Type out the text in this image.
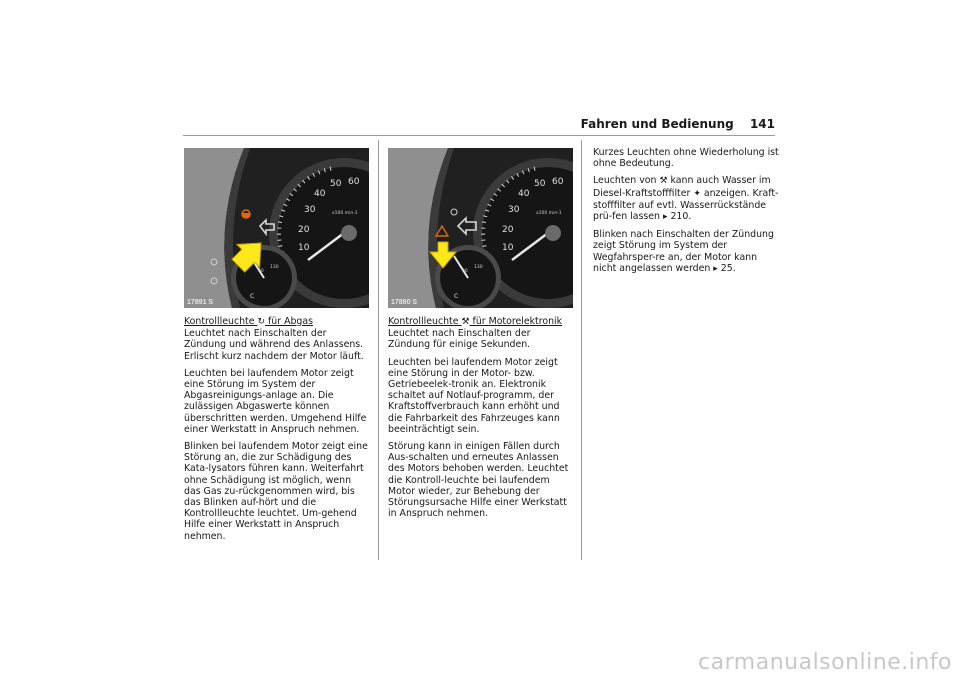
Fahren und Bedienung 141
10
20
30
40
50 60
x100 min-1
C
90
130
17891 S
10
20
30
40
50 60
x100 min-1
C
90
130
17880 S
Kontrollleuchte ↻ für Abgas

Leuchtet nach Einschalten der Zündung und während des Anlassens. Erlischt kurz nachdem der Motor läuft.

Leuchten bei laufendem Motor zeigt eine Störung im System der Abgasreinigungs-anlage an. Die zulässigen Abgaswerte können überschritten werden. Umgehend Hilfe einer Werkstatt in Anspruch nehmen.

Blinken bei laufendem Motor zeigt eine Störung an, die zur Schädigung des Kata-lysators führen kann. Weiterfahrt ohne Schädigung ist möglich, wenn das Gas zu-rückgenommen wird, bis das Blinken auf-hört und die Kontrollleuchte leuchtet. Um-gehend Hilfe einer Werkstatt in Anspruch nehmen.

Kontrollleuchte ⚒ für Motorelektronik

Leuchtet nach Einschalten der Zündung für einige Sekunden.

Leuchten bei laufendem Motor zeigt eine Störung in der Motor- bzw. Getriebeelek-tronik an. Elektronik schaltet auf Notlauf-programm, der Kraftstoffverbrauch kann erhöht und die Fahrbarkeit des Fahrzeuges kann beeinträchtigt sein.

Störung kann in einigen Fällen durch Aus-schalten und erneutes Anlassen des Motors behoben werden. Leuchtet die Kontroll-leuchte bei laufendem Motor wieder, zur Behebung der Störungsursache Hilfe einer Werkstatt in Anspruch nehmen.

Kurzes Leuchten ohne Wiederholung ist ohne Bedeutung.

Leuchten von ⚒ kann auch Wasser im Diesel-Kraftstofffilter ✦ anzeigen. Kraft-stofffilter auf evtl. Wasserrückstände prü-fen lassen ▸ 210.

Blinken nach Einschalten der Zündung zeigt Störung im System der Wegfahrsper-re an, der Motor kann nicht angelassen werden ▸ 25.

carmanualsonline.info
